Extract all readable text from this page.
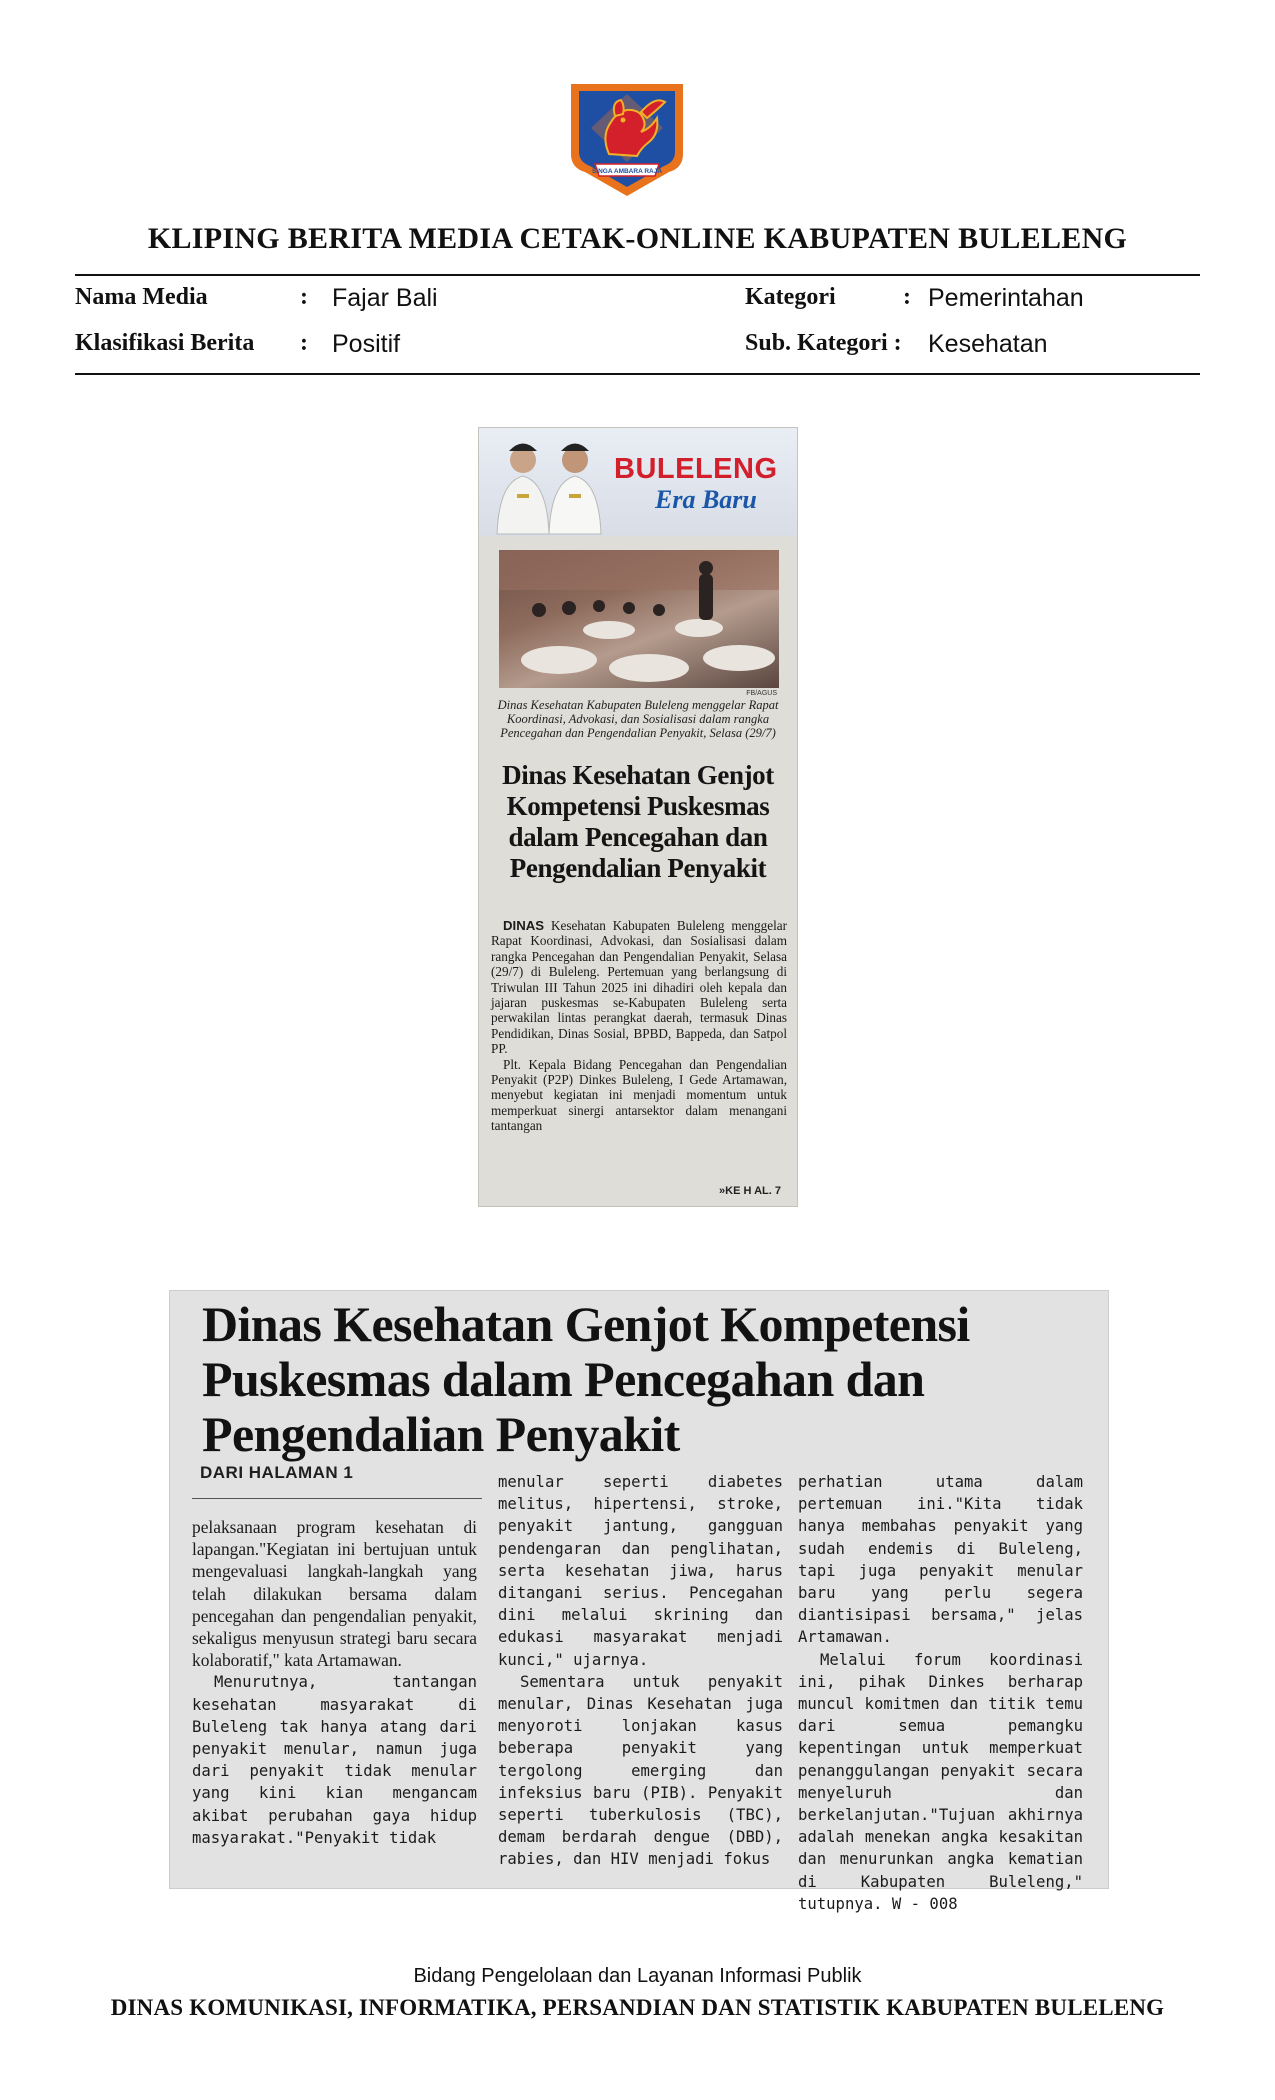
SINGA AMBARA RAJA
KLIPING BERITA MEDIA CETAK-ONLINE KABUPATEN BULELENG
Nama Media	: Fajar Bali	Kategori	: Pemerintahan
Klasifikasi Berita : Positif	Sub. Kategori : Kesehatan
BULELENG
Era Baru
FB/AGUS
Dinas Kesehatan Kabupaten Buleleng menggelar Rapat Koordinasi, Advokasi, dan Sosialisasi dalam rangka Pencegahan dan Pengendalian Penyakit, Selasa (29/7)
Dinas Kesehatan Genjot Kompetensi Puskesmas dalam Pencegahan dan Pengendalian Penyakit

DINAS Kesehatan Kabupaten Buleleng menggelar Rapat Koordinasi, Advokasi, dan Sosialisasi dalam rangka Pencegahan dan Pengendalian Penyakit, Selasa (29/7) di Buleleng. Pertemuan yang berlangsung di Triwulan III Tahun 2025 ini dihadiri oleh kepala dan jajaran puskesmas se-Kabupaten Buleleng serta perwakilan lintas perangkat daerah, termasuk Dinas Pendidikan, Dinas Sosial, BPBD, Bappeda, dan Satpol PP.

Plt. Kepala Bidang Pencegahan dan Pengendalian Penyakit (P2P) Dinkes Buleleng, I Gede Artamawan, menyebut kegiatan ini menjadi momentum untuk memperkuat sinergi antarsektor dalam menangani tantangan

»KE H AL. 7
Dinas Kesehatan Genjot Kompetensi Puskesmas dalam Pencegahan dan Pengendalian Penyakit
DARI HALAMAN 1

pelaksanaan program kesehatan di lapangan."Kegiatan ini bertujuan untuk mengevaluasi langkah-langkah yang telah dilakukan bersama dalam pencegahan dan pengendalian penyakit, sekaligus menyusun strategi baru secara kolaboratif," kata Artamawan.

Menurutnya, tantangan kesehatan masyarakat di Buleleng tak hanya atang dari penyakit menular, namun juga dari penyakit tidak menular yang kini kian mengancam akibat perubahan gaya hidup masyarakat."Penyakit tidak

menular seperti diabetes melitus, hipertensi, stroke, penyakit jantung, gangguan pendengaran dan penglihatan, serta kesehatan jiwa, harus ditangani serius. Pencegahan dini melalui skrining dan edukasi masyarakat menjadi kunci," ujarnya.

Sementara untuk penyakit menular, Dinas Kesehatan juga menyoroti lonjakan kasus beberapa penyakit yang tergolong emerging dan infeksius baru (PIB). Penyakit seperti tuberkulosis (TBC), demam berdarah dengue (DBD), rabies, dan HIV menjadi fokus

perhatian utama dalam pertemuan ini."Kita tidak hanya membahas penyakit yang sudah endemis di Buleleng, tapi juga penyakit menular baru yang perlu segera diantisipasi bersama," jelas Artamawan.

Melalui forum koordinasi ini, pihak Dinkes berharap muncul komitmen dan titik temu dari semua pemangku kepentingan untuk memperkuat penanggulangan penyakit secara menyeluruh dan berkelanjutan."Tujuan akhirnya adalah menekan angka kesakitan dan menurunkan angka kematian di Kabupaten Buleleng," tutupnya. W - 008

Bidang Pengelolaan dan Layanan Informasi Publik
DINAS KOMUNIKASI, INFORMATIKA, PERSANDIAN DAN STATISTIK KABUPATEN BULELENG
